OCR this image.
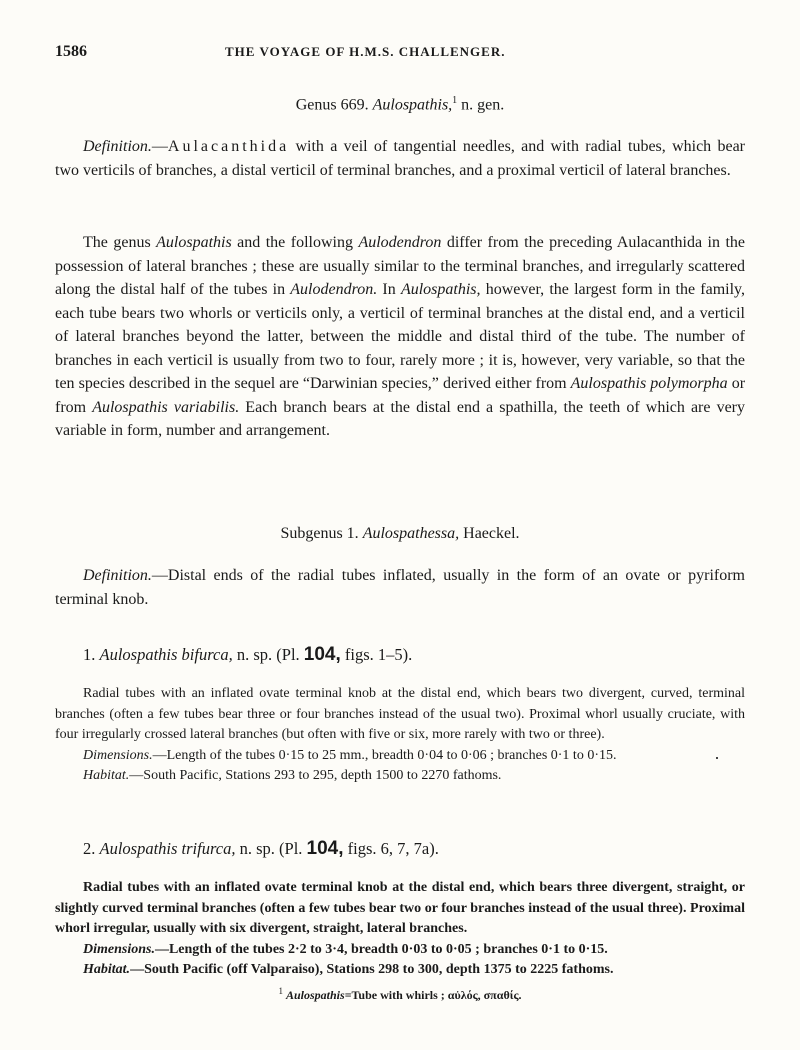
1586	THE VOYAGE OF H.M.S. CHALLENGER.
Genus 669. Aulospathis,$^1$ n. gen.

Definition.—Aulacanthida with a veil of tangential needles, and with radial tubes, which bear two verticils of branches, a distal verticil of terminal branches, and a proximal verticil of lateral branches.

The genus Aulospathis and the following Aulodendron differ from the preceding Aulacanthida in the possession of lateral branches ; these are usually similar to the terminal branches, and irregularly scattered along the distal half of the tubes in Aulodendron. In Aulospathis, however, the largest form in the family, each tube bears two whorls or verticils only, a verticil of terminal branches at the distal end, and a verticil of lateral branches beyond the latter, between the middle and distal third of the tube. The number of branches in each verticil is usually from two to four, rarely more ; it is, however, very variable, so that the ten species described in the sequel are “Darwinian species,” derived either from Aulospathis polymorpha or from Aulospathis variabilis. Each branch bears at the distal end a spathilla, the teeth of which are very variable in form, number and arrangement.

Subgenus 1. Aulospathessa, Haeckel.

Definition.—Distal ends of the radial tubes inflated, usually in the form of an ovate or pyriform terminal knob.

1. Aulospathis bifurca, n. sp. (Pl. 104, figs. 1–5).

Radial tubes with an inflated ovate terminal knob at the distal end, which bears two divergent, curved, terminal branches (often a few tubes bear three or four branches instead of the usual two). Proximal whorl usually cruciate, with four irregularly crossed lateral branches (but often with five or six, more rarely with two or three).

Dimensions.—Length of the tubes 0·15 to 25 mm., breadth 0·04 to 0·06 ; branches 0·1 to 0·15.

Habitat.—South Pacific, Stations 293 to 295, depth 1500 to 2270 fathoms.

2. Aulospathis trifurca, n. sp. (Pl. 104, figs. 6, 7, 7a).

Radial tubes with an inflated ovate terminal knob at the distal end, which bears three divergent, straight, or slightly curved terminal branches (often a few tubes bear two or four branches instead of the usual three). Proximal whorl irregular, usually with six divergent, straight, lateral branches.

Dimensions.—Length of the tubes 2·2 to 3·4, breadth 0·03 to 0·05 ; branches 0·1 to 0·15.

Habitat.—South Pacific (off Valparaiso), Stations 298 to 300, depth 1375 to 2225 fathoms.

$^1$ Aulospathis=Tube with whirls ; αὐλός, σπαθίς.
